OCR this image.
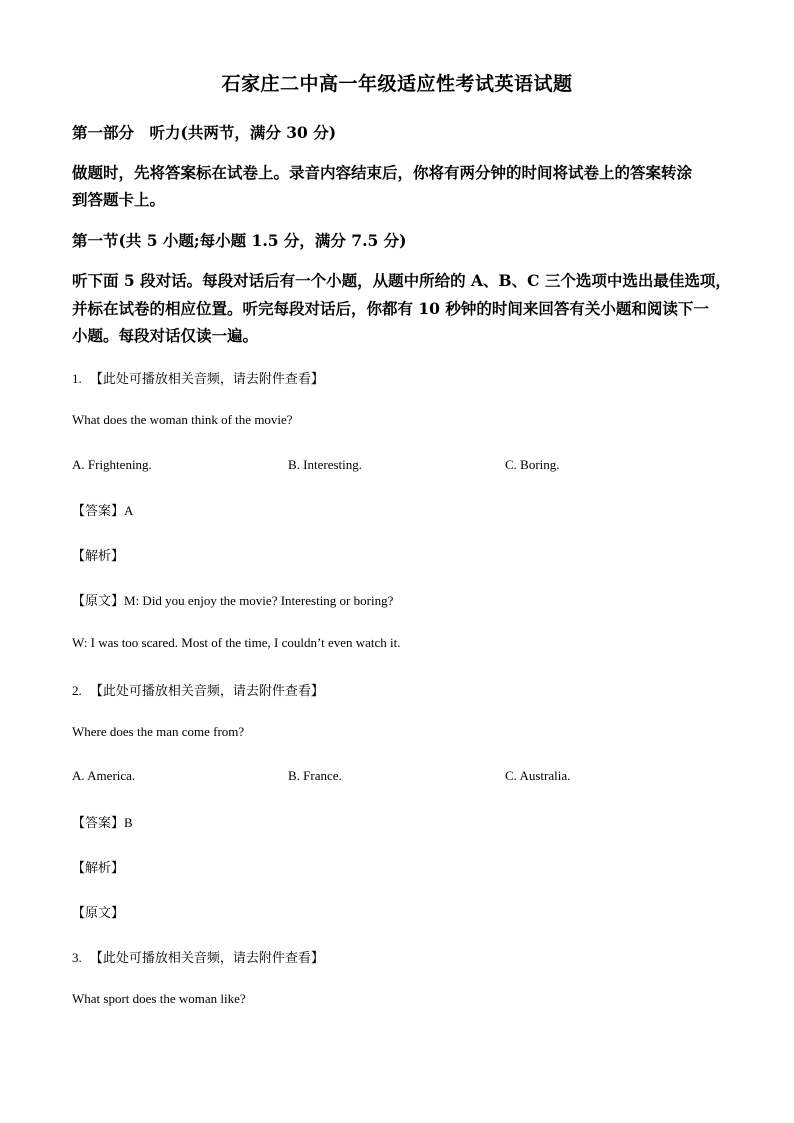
石家庄二中高一年级适应性考试英语试题
第一部分　听力(共两节，满分 30 分)
做题时，先将答案标在试卷上。录音内容结束后，你将有两分钟的时间将试卷上的答案转涂
到答题卡上。
第一节(共 5 小题;每小题 1.5 分，满分 7.5 分)
听下面 5 段对话。每段对话后有一个小题，从题中所给的 A、B、C 三个选项中选出最佳选项，
并标在试卷的相应位置。听完每段对话后，你都有 10 秒钟的时间来回答有关小题和阅读下一
小题。每段对话仅读一遍。
1. 【此处可播放相关音频，请去附件查看】
What does the woman think of the movie?
A. Frightening.	B. Interesting.	C. Boring.
【答案】A
【解析】
【原文】M: Did you enjoy the movie? Interesting or boring?
W: I was too scared. Most of the time, I couldn’t even watch it.
2. 【此处可播放相关音频，请去附件查看】
Where does the man come from?
A. America.	B. France.	C. Australia.
【答案】B
【解析】
【原文】
3. 【此处可播放相关音频，请去附件查看】
What sport does the woman like?
